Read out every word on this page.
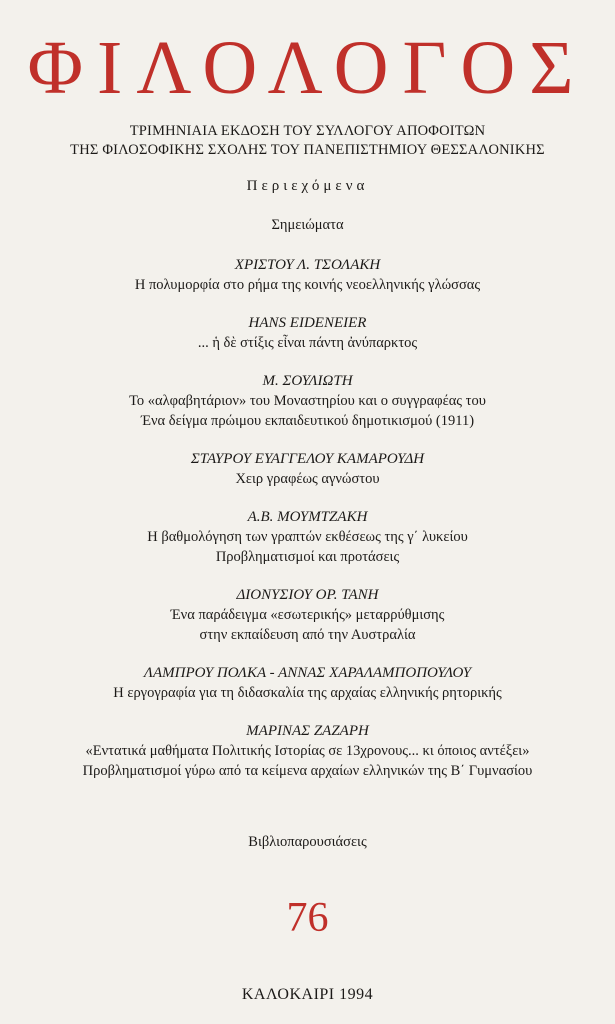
ΦΙΛΟΛΟΓΟΣ
ΤΡΙΜΗΝΙΑΙΑ ΕΚΔΟΣΗ ΤΟΥ ΣΥΛΛΟΓΟΥ ΑΠΟΦΟΙΤΩΝ
ΤΗΣ ΦΙΛΟΣΟΦΙΚΗΣ ΣΧΟΛΗΣ ΤΟΥ ΠΑΝΕΠΙΣΤΗΜΙΟΥ ΘΕΣΣΑΛΟΝΙΚΗΣ
Περιεχόμενα
Σημειώματα
ΧΡΙΣΤΟΥ Λ. ΤΣΟΛΑΚΗ
Η πολυμορφία στο ρήμα της κοινής νεοελληνικής γλώσσας
HANS EIDENEIER
... ἡ δὲ στίξις εἶναι πάντη ἀνύπαρκτος
Μ. ΣΟΥΛΙΩΤΗ
Το «αλφαβητάριον» του Μοναστηρίου και ο συγγραφέας του
Ένα δείγμα πρώιμου εκπαιδευτικού δημοτικισμού (1911)
ΣΤΑΥΡΟΥ ΕΥΑΓΓΕΛΟΥ ΚΑΜΑΡΟΥΔΗ
Χειρ γραφέως αγνώστου
Α.Β. ΜΟΥΜΤΖΑΚΗ
Η βαθμολόγηση των γραπτών εκθέσεως της γ΄ λυκείου
Προβληματισμοί και προτάσεις
ΔΙΟΝΥΣΙΟΥ ΟΡ. ΤΑΝΗ
Ένα παράδειγμα «εσωτερικής» μεταρρύθμισης
στην εκπαίδευση από την Αυστραλία
ΛΑΜΠΡΟΥ ΠΟΛΚΑ - ΑΝΝΑΣ ΧΑΡΑΛΑΜΠΟΠΟΥΛΟΥ
Η εργογραφία για τη διδασκαλία της αρχαίας ελληνικής ρητορικής
ΜΑΡΙΝΑΣ ΖΑΖΑΡΗ
«Εντατικά μαθήματα Πολιτικής Ιστορίας σε 13χρονους... κι όποιος αντέξει»
Προβληματισμοί γύρω από τα κείμενα αρχαίων ελληνικών της Β΄ Γυμνασίου
Βιβλιοπαρουσιάσεις
76
ΚΑΛΟΚΑΙΡΙ 1994
